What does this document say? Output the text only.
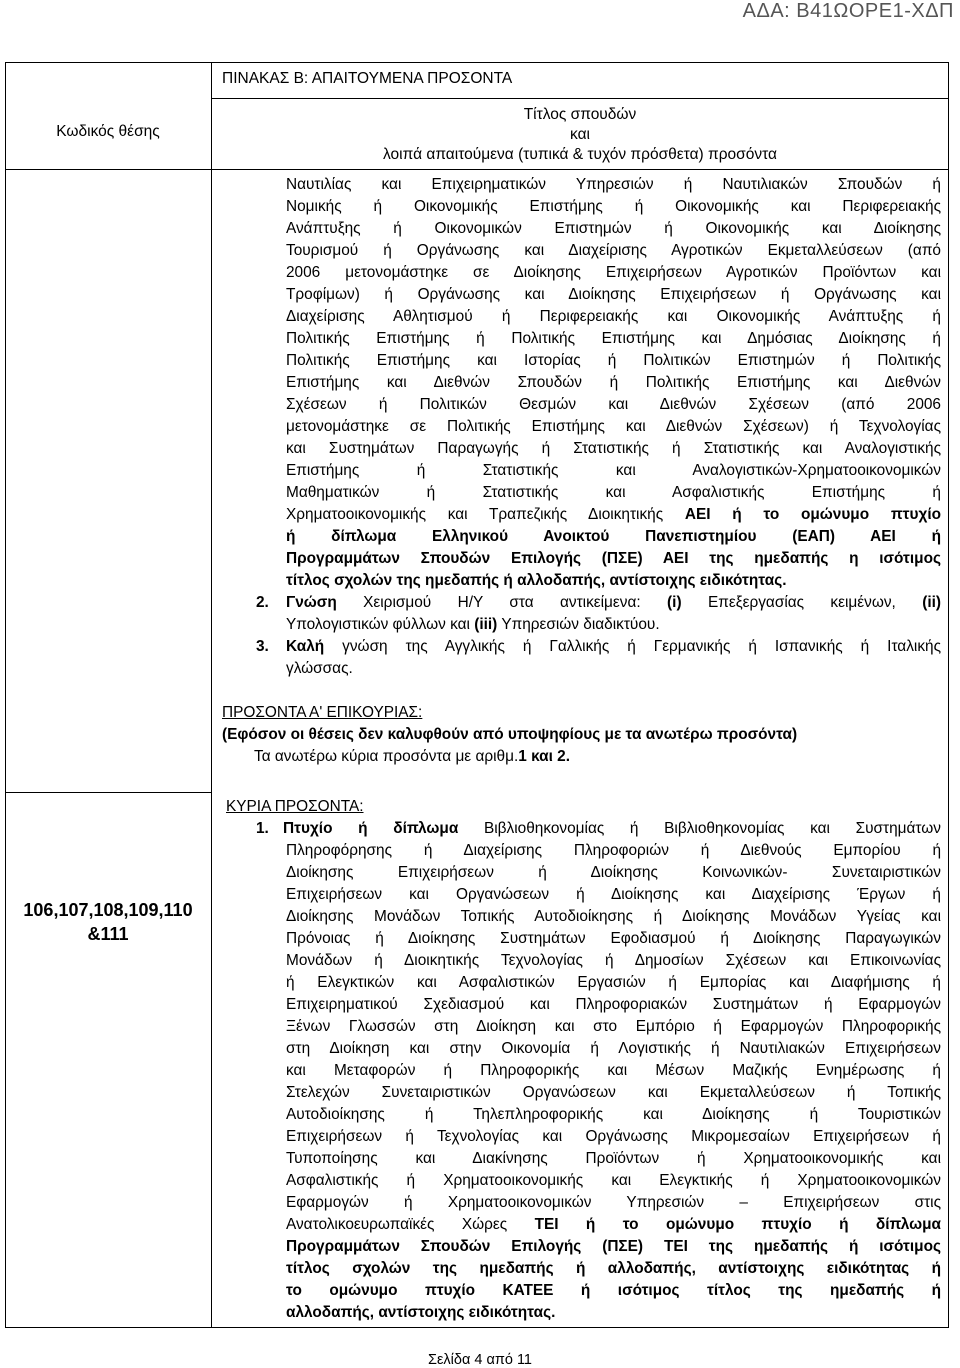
ΑΔΑ: Β41ΩΟΡΕ1-ΧΔΠ
ΠΙΝΑΚΑΣ Β: ΑΠΑΙΤΟΥΜΕΝΑ ΠΡΟΣΟΝΤΑ
Κωδικός θέσης
Τίτλος σπουδών
και
λοιπά απαιτούμενα (τυπικά & τυχόν πρόσθετα) προσόντα
Ναυτιλίας και Επιχειρηματικών Υπηρεσιών ή Ναυτιλιακών Σπουδών ή
Νομικής ή Οικονομικής Επιστήμης ή Οικονομικής και Περιφερειακής
Ανάπτυξης ή Οικονομικών Επιστημών ή Οικονομικής και Διοίκησης
Τουρισμού ή Οργάνωσης και Διαχείρισης Αγροτικών Εκμεταλλεύσεων (από
2006 μετονομάστηκε σε Διοίκησης Επιχειρήσεων Αγροτικών Προϊόντων και
Τροφίμων) ή Οργάνωσης και Διοίκησης Επιχειρήσεων ή Οργάνωσης και
Διαχείρισης Αθλητισμού ή Περιφερειακής και Οικονομικής Ανάπτυξης ή
Πολιτικής Επιστήμης ή Πολιτικής Επιστήμης και Δημόσιας Διοίκησης ή
Πολιτικής Επιστήμης και Ιστορίας ή Πολιτικών Επιστημών ή Πολιτικής
Επιστήμης και Διεθνών Σπουδών ή Πολιτικής Επιστήμης και Διεθνών
Σχέσεων ή Πολιτικών Θεσμών και Διεθνών Σχέσεων (από 2006
μετονομάστηκε σε Πολιτικής Επιστήμης και Διεθνών Σχέσεων) ή Τεχνολογίας
και Συστημάτων Παραγωγής ή Στατιστικής ή Στατιστικής και Αναλογιστικής
Επιστήμης ή Στατιστικής και Αναλογιστικών-Χρηματοοικονομικών
Μαθηματικών ή Στατιστικής και Ασφαλιστικής Επιστήμης ή
Χρηματοοικονομικής και Τραπεζικής Διοικητικής ΑΕΙ ή το ομώνυμο πτυχίο
ή δίπλωμα Ελληνικού Ανοικτού Πανεπιστημίου (ΕΑΠ) ΑΕΙ ή
Προγραμμάτων Σπουδών Επιλογής (ΠΣΕ) ΑΕΙ της ημεδαπής η ισότιμος
τίτλος σχολών της ημεδαπής ή αλλοδαπής, αντίστοιχης ειδικότητας.
2. Γνώση Χειρισμού Η/Υ στα αντικείμενα: (i) Επεξεργασίας κειμένων, (ii)
Υπολογιστικών φύλλων και (iii) Υπηρεσιών διαδικτύου.
3. Καλή γνώση της Αγγλικής ή Γαλλικής ή Γερμανικής ή Ισπανικής ή Ιταλικής
γλώσσας.
ΠΡΟΣΟΝΤΑ Α' ΕΠΙΚΟΥΡΙΑΣ:
(Εφόσον οι θέσεις δεν καλυφθούν από υποψηφίους με τα ανωτέρω προσόντα)
Τα ανωτέρω κύρια προσόντα με αριθμ.1 και 2.
106,107,108,109,110
&111
ΚΥΡΙΑ ΠΡΟΣΟΝΤΑ:
1. Πτυχίο ή δίπλωμα Βιβλιοθηκονομίας ή Βιβλιοθηκονομίας και Συστημάτων
Πληροφόρησης ή Διαχείρισης Πληροφοριών ή Διεθνούς Εμπορίου ή
Διοίκησης Επιχειρήσεων ή Διοίκησης Κοινωνικών- Συνεταιριστικών
Επιχειρήσεων και Οργανώσεων ή Διοίκησης και Διαχείρισης Έργων ή
Διοίκησης Μονάδων Τοπικής Αυτοδιοίκησης ή Διοίκησης Μονάδων Υγείας και
Πρόνοιας ή Διοίκησης Συστημάτων Εφοδιασμού ή Διοίκησης Παραγωγικών
Μονάδων ή Διοικητικής Τεχνολογίας ή Δημοσίων Σχέσεων και Επικοινωνίας
ή Ελεγκτικών και Ασφαλιστικών Εργασιών ή Εμπορίας και Διαφήμισης ή
Επιχειρηματικού Σχεδιασμού και Πληροφοριακών Συστημάτων ή Εφαρμογών
Ξένων Γλωσσών στη Διοίκηση και στο Εμπόριο ή Εφαρμογών Πληροφορικής
στη Διοίκηση και στην Οικονομία ή Λογιστικής ή Ναυτιλιακών Επιχειρήσεων
και Μεταφορών ή Πληροφορικής και Μέσων Μαζικής Ενημέρωσης ή
Στελεχών Συνεταιριστικών Οργανώσεων και Εκμεταλλεύσεων ή Τοπικής
Αυτοδιοίκησης ή Τηλεπληροφορικής και Διοίκησης ή Τουριστικών
Επιχειρήσεων ή Τεχνολογίας και Οργάνωσης Μικρομεσαίων Επιχειρήσεων ή
Τυποποίησης και Διακίνησης Προϊόντων ή Χρηματοοικονομικής και
Ασφαλιστικής ή Χρηματοοικονομικής και Ελεγκτικής ή Χρηματοοικονομικών
Εφαρμογών ή Χρηματοοικονομικών Υπηρεσιών – Επιχειρήσεων στις
Ανατολικοευρωπαϊκές Χώρες ΤΕΙ ή το ομώνυμο πτυχίο ή δίπλωμα
Προγραμμάτων Σπουδών Επιλογής (ΠΣΕ) ΤΕΙ της ημεδαπής ή ισότιμος
τίτλος σχολών της ημεδαπής ή αλλοδαπής, αντίστοιχης ειδικότητας ή
το ομώνυμο πτυχίο ΚΑΤΕΕ ή ισότιμος τίτλος της ημεδαπής ή
αλλοδαπής, αντίστοιχης ειδικότητας.
Σελίδα 4 από 11
